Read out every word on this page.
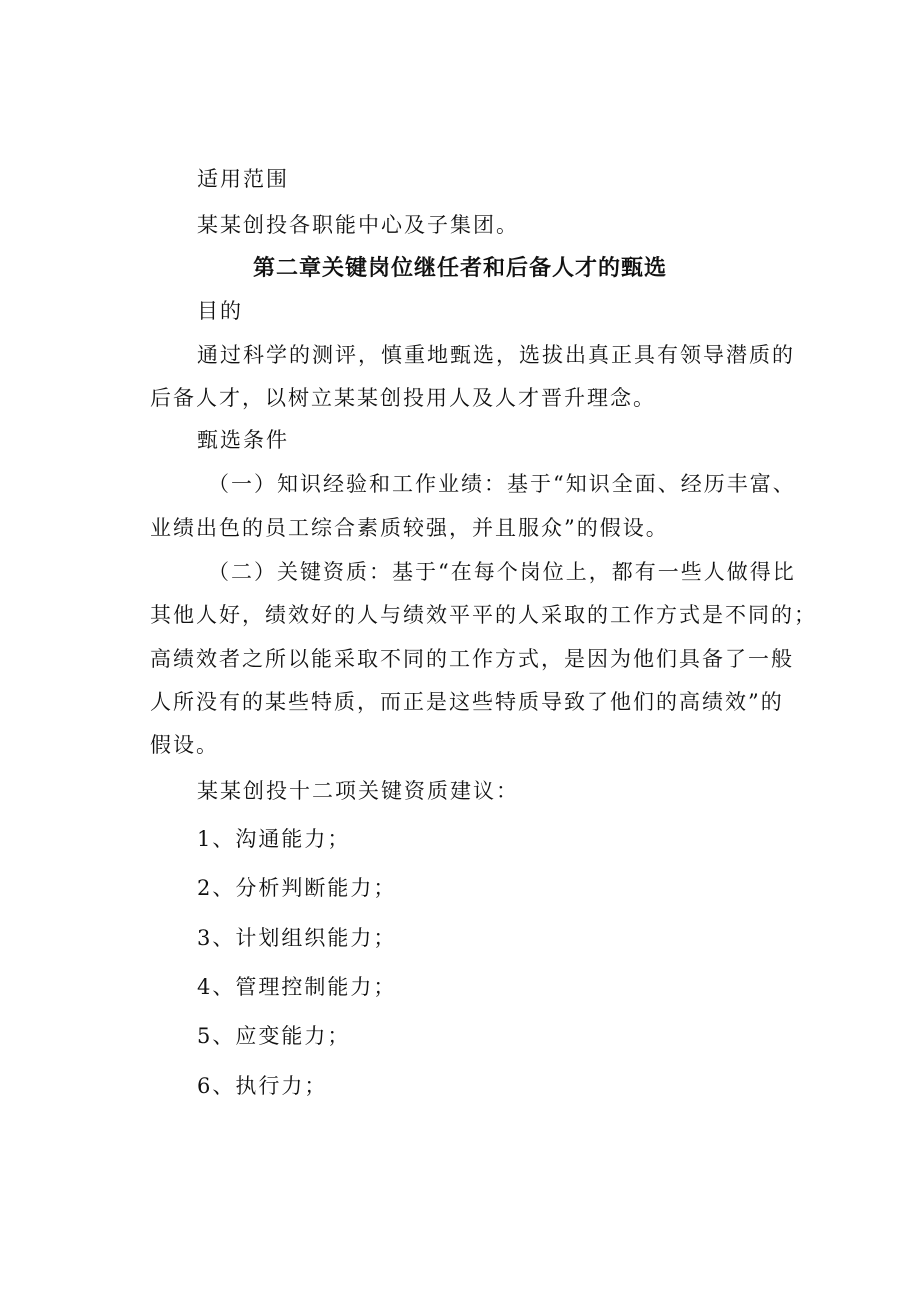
适用范围

某某创投各职能中心及子集团。

第二章关键岗位继任者和后备人才的甄选

目的

通过科学的测评，慎重地甄选，选拔出真正具有领导潜质的

后备人才，以树立某某创投用人及人才晋升理念。

甄选条件

（一）知识经验和工作业绩：基于“知识全面、经历丰富、

业绩出色的员工综合素质较强，并且服众”的假设。

（二）关键资质：基于“在每个岗位上，都有一些人做得比

其他人好，绩效好的人与绩效平平的人采取的工作方式是不同的；

高绩效者之所以能采取不同的工作方式，是因为他们具备了一般

人所没有的某些特质，而正是这些特质导致了他们的高绩效”的

假设。

某某创投十二项关键资质建议：

1、沟通能力；

2、分析判断能力；

3、计划组织能力；

4、管理控制能力；

5、应变能力；

6、执行力；
